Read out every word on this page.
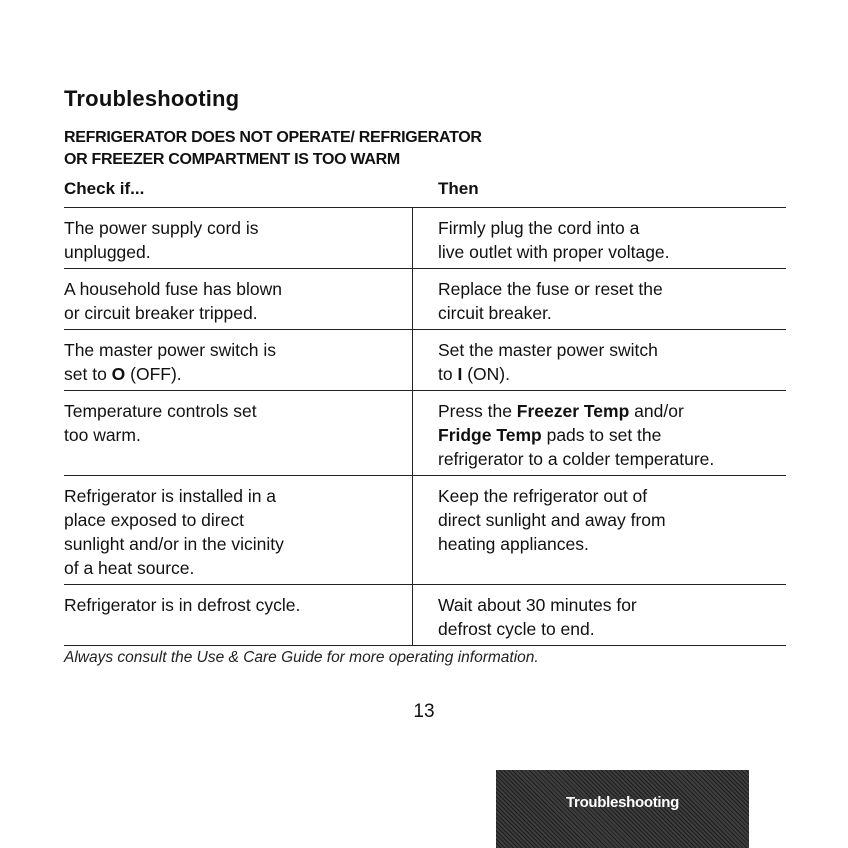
Troubleshooting
REFRIGERATOR DOES NOT OPERATE/ REFRIGERATOR
OR FREEZER COMPARTMENT IS TOO WARM
Check if...	Then
The power supply cord is
unplugged.
Firmly plug the cord into a
live outlet with proper voltage.
A household fuse has blown
or circuit breaker tripped.
Replace the fuse or reset the
circuit breaker.
The master power switch is
set to O (OFF).
Set the master power switch
to I (ON).
Temperature controls set
too warm.
Press the Freezer Temp and/or
Fridge Temp pads to set the
refrigerator to a colder temperature.
Refrigerator is installed in a
place exposed to direct
sunlight and/or in the vicinity
of a heat source.
Keep the refrigerator out of
direct sunlight and away from
heating appliances.
Refrigerator is in defrost cycle.	Wait about 30 minutes for
defrost cycle to end.
Always consult the Use & Care Guide for more operating information.
13
Troubleshooting
